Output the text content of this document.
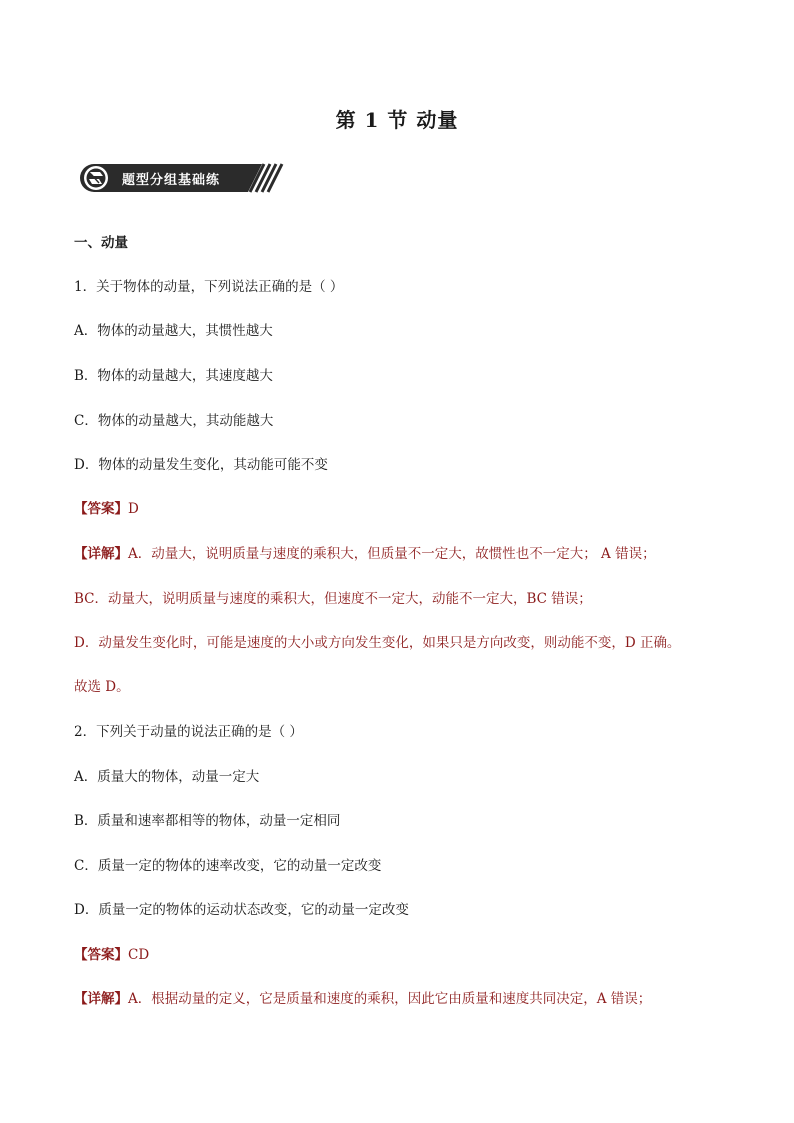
第 1 节 动量
题型分组基础练
一、动量
1．关于物体的动量，下列说法正确的是（ ）
A．物体的动量越大，其惯性越大
B．物体的动量越大，其速度越大
C．物体的动量越大，其动能越大
D．物体的动量发生变化，其动能可能不变
【答案】D
【详解】A．动量大，说明质量与速度的乘积大，但质量不一定大，故惯性也不一定大； A 错误；
BC．动量大，说明质量与速度的乘积大，但速度不一定大，动能不一定大，BC 错误；
D．动量发生变化时，可能是速度的大小或方向发生变化，如果只是方向改变，则动能不变，D 正确。
故选 D。
2．下列关于动量的说法正确的是（ ）
A．质量大的物体，动量一定大
B．质量和速率都相等的物体，动量一定相同
C．质量一定的物体的速率改变，它的动量一定改变
D．质量一定的物体的运动状态改变，它的动量一定改变
【答案】CD
【详解】A．根据动量的定义，它是质量和速度的乘积，因此它由质量和速度共同决定，A 错误；
